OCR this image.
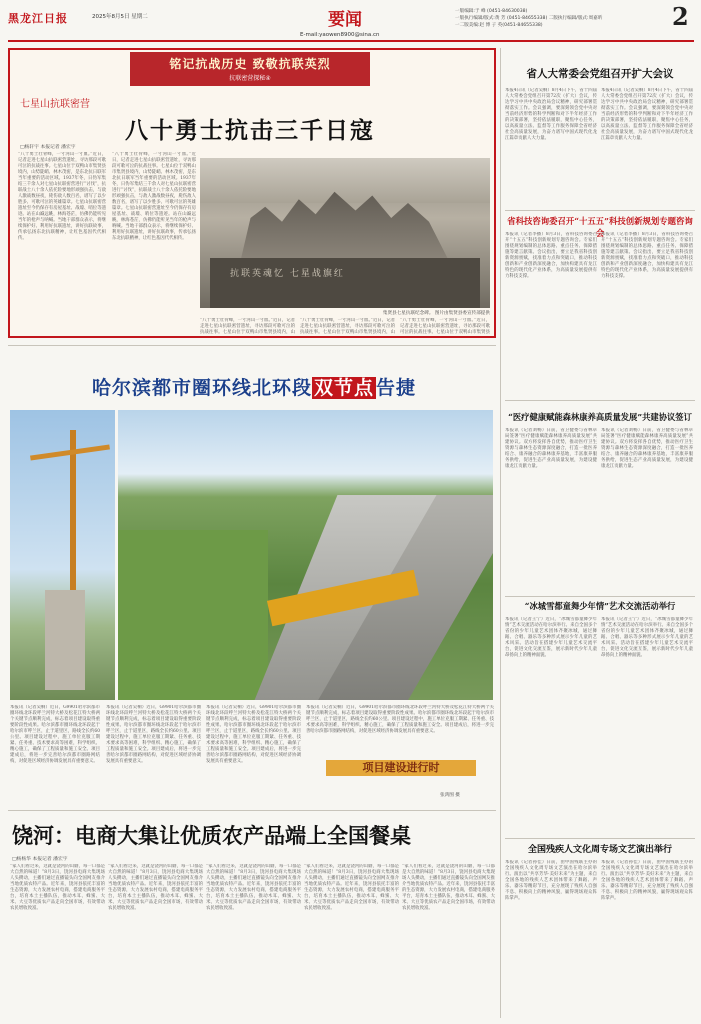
黑龙江日报	2025年8月5日 星期二	要闻
E-mail:yaowen8900@sina.cn
一版编辑:于 峰 (0451-84630038)
一版执行编辑/版式:黄 芳 (0451-84655338) 二版执行编辑/版式:周嘉昕
一二版美编:赵 博 子 英(0451-84655338)	2
铭记抗战历史 致敬抗联英烈
抗联密营探秘④
七星山抗联密营
八十勇士抗击三千日寇
□杨轩宇 本报记者 潘宏宇
“八十勇士壮骨峰，一寸河山一寸血。”近日，记者走进七星山抗联密营遗址，寻访那段可歌可泣的抗战往事。七星山位于双鸭山市集贤县境内，山势陡峭、林木茂密，是东北抗日联军当年重要的活动区域。1937年冬，日伪军集结三千余人对七星山抗联密营进行“讨伐”，抗联战士八十余人依托险要地形顽强抗击，与敌人激战数昼夜，毙伤敌人数百名，谱写了以少胜多、可歌可泣的英雄篇章。七星山抗联密营遗址至今仍保存有房屋基址、战壕、哨位等遗迹。站在山巅远眺，林海苍茫，仿佛仍能听见当年的枪声与呐喊。当地干部群众表示，将继续保护好、利用好抗联遗址，讲好抗联故事，传承弘扬东北抗联精神，让红色基因代代相传。
“八十勇士壮骨峰，一寸河山一寸血。”近日，记者走进七星山抗联密营遗址，寻访那段可歌可泣的抗战往事。七星山位于双鸭山市集贤县境内，山势陡峭、林木茂密，是东北抗日联军当年重要的活动区域。1937年冬，日伪军集结三千余人对七星山抗联密营进行“讨伐”，抗联战士八十余人依托险要地形顽强抗击，与敌人激战数昼夜，毙伤敌人数百名，谱写了以少胜多、可歌可泣的英雄篇章。七星山抗联密营遗址至今仍保存有房屋基址、战壕、哨位等遗迹。站在山巅远眺，林海苍茫，仿佛仍能听见当年的枪声与呐喊。当地干部群众表示，将继续保护好、利用好抗联遗址，讲好抗联故事，传承弘扬东北抗联精神，让红色基因代代相传。
抗联英魂忆 七星战旗红
集贤县七星抗联纪念碑。 图片由集贤县委宣传部提供
“八十勇士壮骨峰，一寸河山一寸血。”近日，记者走进七星山抗联密营遗址，寻访那段可歌可泣的抗战往事。七星山位于双鸭山市集贤县境内，山
“八十勇士壮骨峰，一寸河山一寸血。”近日，记者走进七星山抗联密营遗址，寻访那段可歌可泣的抗战往事。七星山位于双鸭山市集贤县境内，山
“八十勇士壮骨峰，一寸河山一寸血。”近日，记者走进七星山抗联密营遗址，寻访那段可歌可泣的抗战往事。七星山位于双鸭山市集贤县
哈尔滨都市圈环线北环段 双节点 告捷
本报讯（记者吴桐）近日，G9901哈尔滨都市圈环线北环段呼兰河特大桥及松花江特大桥两个关键节点顺利完成，标志着项目建设取得重要阶段性成果。哈尔滨都市圈环线北环段起于哈尔滨市呼兰区，止于道里区，路线全长约60公里。项目建设过程中，施工单位克服工期紧、任务重、技术要求高等困难，科学组织、精心施工，确保了工程质量和施工安全。项目建成后，将进一步完善哈尔滨都市圈路网结构，对促进区域经济协调发展具有重要意义。
本报讯（记者吴桐）近日，G9901哈尔滨都市圈环线北环段呼兰河特大桥及松花江特大桥两个关键节点顺利完成，标志着项目建设取得重要阶段性成果。哈尔滨都市圈环线北环段起于哈尔滨市呼兰区，止于道里区，路线全长约60公里。项目建设过程中，施工单位克服工期紧、任务重、技术要求高等困难，科学组织、精心施工，确保了工程质量和施工安全。项目建成后，将进一步完善哈尔滨都市圈路网结构，对促进区域经济协调发展具有重要意义。
本报讯（记者吴桐）近日，G9901哈尔滨都市圈环线北环段呼兰河特大桥及松花江特大桥两个关键节点顺利完成，标志着项目建设取得重要阶段性成果。哈尔滨都市圈环线北环段起于哈尔滨市呼兰区，止于道里区，路线全长约60公里。项目建设过程中，施工单位克服工期紧、任务重、技术要求高等困难，科学组织、精心施工，确保了工程质量和施工安全。项目建成后，将进一步完善哈尔滨都市圈路网结构，对促进区域经济协调发展具有重要意义。
本报讯（记者吴桐）近日，G9901哈尔滨都市圈环线北环段呼兰河特大桥及松花江特大桥两个关键节点顺利完成，标志着项目建设取得重要阶段性成果。哈尔滨都市圈环线北环段起于哈尔滨市呼兰区，止于道里区，路线全长约60公里。项目建设过程中，施工单位克服工期紧、任务重、技术要求高等困难，科学组织、精心施工，确保了工程质量和施工安全。项目建成后，将进一步完善哈尔滨都市圈路网结构，对促进区域经济协调发展具有重要意义。
项目建设进行时
张鸿图 摄
饶河：电商大集让优质农产品端上全国餐桌
□杨杨华 本报记者 潘宏宇
“家人们看过来，这就是饶河的山蘑，每一口都是大自然的味道！”8月3日，饶河县电商大集现场人头攒动，主播们通过直播镜头向全国网友推介当地优质农特产品。近年来，饶河县依托丰富的生态资源，大力发展农村电商，搭建电商服务平台，培育本土主播队伍，推动木耳、蜂蜜、大米、大豆等优质农产品走向全国市场，有效带动农民增收致富。
“家人们看过来，这就是饶河的山蘑，每一口都是大自然的味道！”8月3日，饶河县电商大集现场人头攒动，主播们通过直播镜头向全国网友推介当地优质农特产品。近年来，饶河县依托丰富的生态资源，大力发展农村电商，搭建电商服务平台，培育本土主播队伍，推动木耳、蜂蜜、大米、大豆等优质农产品走向全国市场，有效带动农民增收致富。
“家人们看过来，这就是饶河的山蘑，每一口都是大自然的味道！”8月3日，饶河县电商大集现场人头攒动，主播们通过直播镜头向全国网友推介当地优质农特产品。近年来，饶河县依托丰富的生态资源，大力发展农村电商，搭建电商服务平台，培育本土主播队伍，推动木耳、蜂蜜、大米、大豆等优质农产品走向全国市场，有效带动农民增收致富。
“家人们看过来，这就是饶河的山蘑，每一口都是大自然的味道！”8月3日，饶河县电商大集现场人头攒动，主播们通过直播镜头向全国网友推介当地优质农特产品。近年来，饶河县依托丰富的生态资源，大力发展农村电商，搭建电商服务平台，培育本土主播队伍，推动木耳、蜂蜜、大米、大豆等优质农产品走向全国市场，有效带动农民增收致富。
“家人们看过来，这就是饶河的山蘑，每一口都是大自然的味道！”8月3日，饶河县电商大集现场人头攒动，主播们通过直播镜头向全国网友推介当地优质农特产品。近年来，饶河县依托丰富的生态资源，大力发展农村电商，搭建电商服务平台，培育本土主播队伍，推动木耳、蜂蜜、大米、大豆等优质农产品走向全国市场，有效带动农民增收致富。
省人大常委会党组召开扩大会议
本报4日讯（记者吴桐）8月4日下午，省十四届人大常委会党组召开第72次（扩大）会议，传达学习中共中央政治局会议精神，研究部署贯彻落实工作。会议强调，要深刻领会党中央对当前经济形势的科学判断和对下半年经济工作的决策部署，坚持依法履职，聚焦中心任务，以高质量立法、监督等工作服务保障全省经济社会高质量发展，为奋力谱写中国式现代化龙江篇章贡献人大力量。
本报4日讯（记者吴桐）8月4日下午，省十四届人大常委会党组召开第72次（扩大）会议，传达学习中共中央政治局会议精神，研究部署贯彻落实工作。会议强调，要深刻领会党中央对当前经济形势的科学判断和对下半年经济工作的决策部署，坚持依法履职，聚焦中心任务，以高质量立法、监督等工作服务保障全省经济社会高质量发展，为奋力谱写中国式现代化龙江篇章贡献人大力量。
省科技咨询委召开“十五五”科技创新规划专题咨询会
本报讯（记者李播）8月3日，省科技咨询委召开“十五五”科技创新规划专题咨询会。专家们围绕规划编制的总体思路、重点任务、保障措施等建言献策。会议指出，要立足我省科技创新资源禀赋，找准着力点和突破口，推动科技创新和产业创新深度融合，加快构建具有龙江特色的现代化产业体系，为高质量发展提供有力科技支撑。
本报讯（记者李播）8月3日，省科技咨询委召开“十五五”科技创新规划专题咨询会。专家们围绕规划编制的总体思路、重点任务、保障措施等建言献策。会议指出，要立足我省科技创新资源禀赋，找准着力点和突破口，推动科技创新和产业创新深度融合，加快构建具有龙江特色的现代化产业体系，为高质量发展提供有力科技支撑。
“医疗健康赋能森林康养高质量发展”共建协议签订
本报讯（记者刘畅）日前，省卫健委与省林草局签署“医疗健康赋能森林康养高质量发展”共建协议。双方将发挥各自优势，推动医疗卫生资源与森林生态资源深度融合，打造一批医养结合、康养融合的森林康养基地，丰富康养服务供给，促进生态产业高质量发展，为建设健康龙江贡献力量。
本报讯（记者刘畅）日前，省卫健委与省林草局签署“医疗健康赋能森林康养高质量发展”共建协议。双方将发挥各自优势，推动医疗卫生资源与森林生态资源深度融合，打造一批医养结合、康养融合的森林康养基地，丰富康养服务供给，促进生态产业高质量发展，为建设健康龙江贡献力量。
“冰城雪都童舞少年情”艺术交流活动举行
本报讯（记者王宁）近日，“冰城雪都童舞少年情”艺术交流活动在哈尔滨举行。来自全国多个省份的少年儿童艺术团体齐聚冰城，通过舞蹈、合唱、器乐等多种形式展示少年儿童的艺术风采。活动旨在搭建少年儿童艺术交流平台，促进文化交流互鉴，展示新时代少年儿童昂扬向上的精神面貌。
本报讯（记者王宁）近日，“冰城雪都童舞少年情”艺术交流活动在哈尔滨举行。来自全国多个省份的少年儿童艺术团体齐聚冰城，通过舞蹈、合唱、器乐等多种形式展示少年儿童的艺术风采。活动旨在搭建少年儿童艺术交流平台，促进文化交流互鉴，展示新时代少年儿童昂扬向上的精神面貌。
全国残疾人文化周专场文艺演出举行
本报讯（记者孙佳）日前，由中国残联主办的全国残疾人文化周专场文艺演出在哈尔滨举行。演出以“共享芳华·美好未来”为主题，来自全国各地的残疾人艺术团体带来了舞蹈、声乐、器乐等精彩节目，充分展现了残疾人自强不息、积极向上的精神风貌，赢得现场观众阵阵掌声。
本报讯（记者孙佳）日前，由中国残联主办的全国残疾人文化周专场文艺演出在哈尔滨举行。演出以“共享芳华·美好未来”为主题，来自全国各地的残疾人艺术团体带来了舞蹈、声乐、器乐等精彩节目，充分展现了残疾人自强不息、积极向上的精神风貌，赢得现场观众阵阵掌声。
